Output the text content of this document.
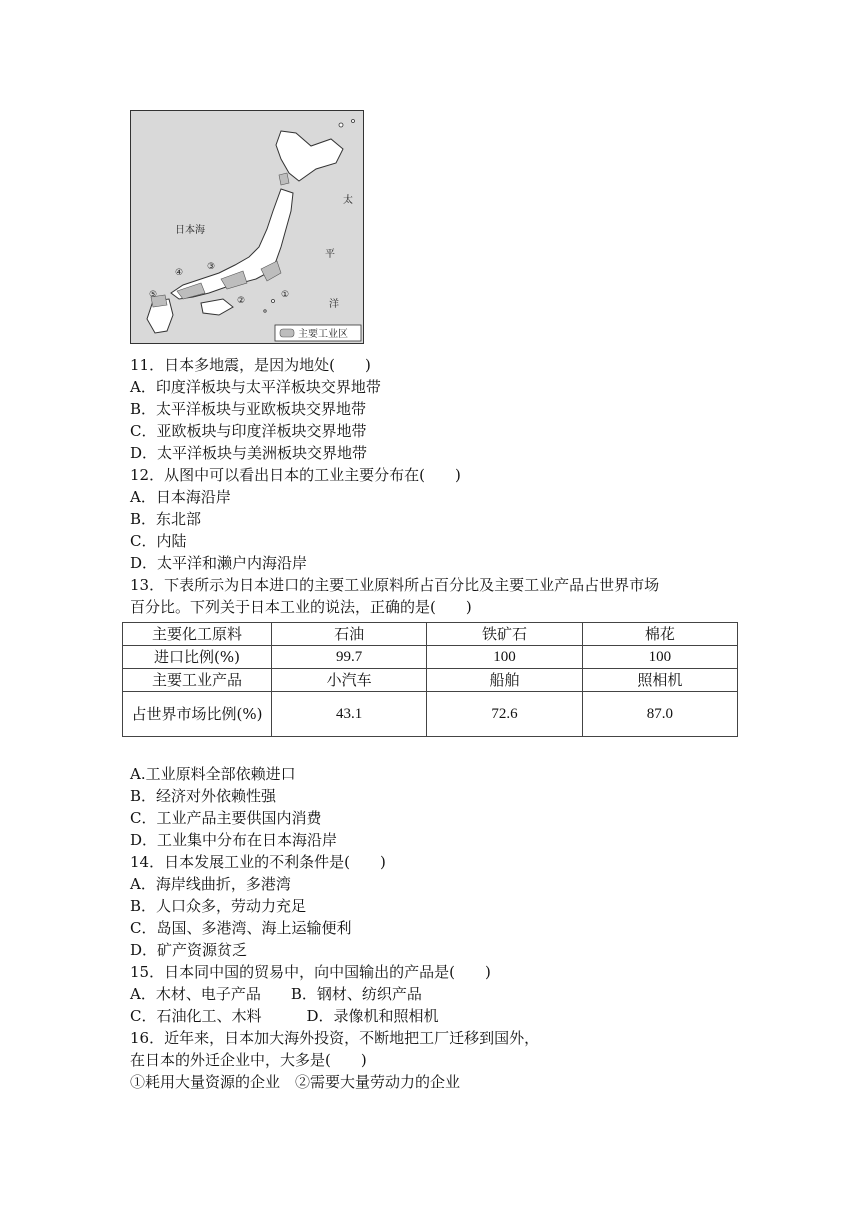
日本海
太
平
洋
①
②
③
④
⑤
主要工业区
11．日本多地震，是因为地处(　　)
A．印度洋板块与太平洋板块交界地带
B．太平洋板块与亚欧板块交界地带
C．亚欧板块与印度洋板块交界地带
D．太平洋板块与美洲板块交界地带
12．从图中可以看出日本的工业主要分布在(　　)
A．日本海沿岸
B．东北部
C．内陆
D．太平洋和濑户内海沿岸
13．下表所示为日本进口的主要工业原料所占百分比及主要工业产品占世界市场
百分比。下列关于日本工业的说法，正确的是(　　)
主要化工原料	石油	铁矿石	棉花
进口比例(%)	99.7	100	100
主要工业产品	小汽车	船舶	照相机
占世界市场比例(%)	43.1	72.6	87.0
A.工业原料全部依赖进口
B．经济对外依赖性强
C．工业产品主要供国内消费
D．工业集中分布在日本海沿岸
14．日本发展工业的不利条件是(　　)
A．海岸线曲折，多港湾
B．人口众多，劳动力充足
C．岛国、多港湾、海上运输便利
D．矿产资源贫乏
15．日本同中国的贸易中，向中国输出的产品是(　　)
A．木材、电子产品　　B．钢材、纺织产品
C．石油化工、木料　　　D．录像机和照相机
16．近年来，日本加大海外投资，不断地把工厂迁移到国外，
在日本的外迁企业中，大多是(　　)
①耗用大量资源的企业　②需要大量劳动力的企业
